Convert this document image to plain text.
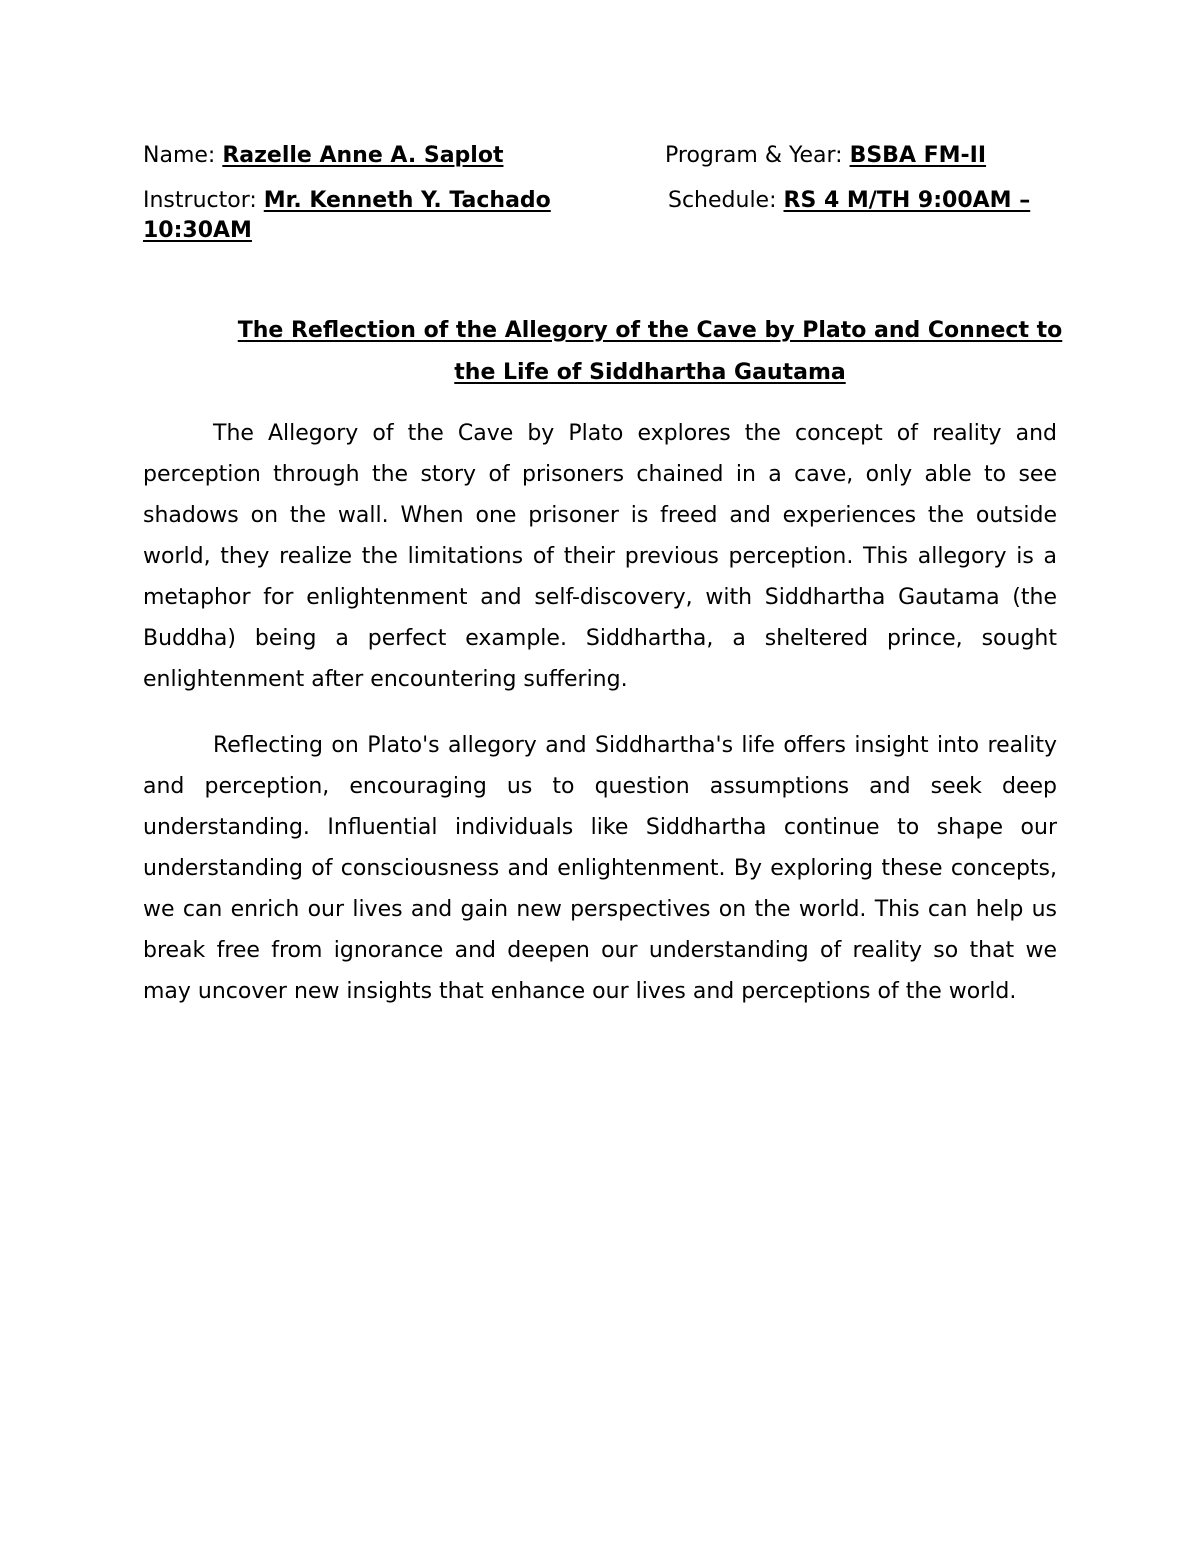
Name: Razelle Anne A. Saplot	Program & Year: BSBA FM-II
Instructor: Mr. Kenneth Y. Tachado	Schedule: RS 4 M/TH 9:00AM –
10:30AM
The Reflection of the Allegory of the Cave by Plato and Connect to
the Life of Siddhartha Gautama

The Allegory of the Cave by Plato explores the concept of reality and perception through the story of prisoners chained in a cave, only able to see shadows on the wall. When one prisoner is freed and experiences the outside world, they realize the limitations of their previous perception. This allegory is a metaphor for enlightenment and self-discovery, with Siddhartha Gautama (the Buddha) being a perfect example. Siddhartha, a sheltered prince, sought enlightenment after encountering suffering.

Reflecting on Plato's allegory and Siddhartha's life offers insight into reality and perception, encouraging us to question assumptions and seek deep understanding. Influential individuals like Siddhartha continue to shape our understanding of consciousness and enlightenment. By exploring these concepts, we can enrich our lives and gain new perspectives on the world. This can help us break free from ignorance and deepen our understanding of reality so that we may uncover new insights that enhance our lives and perceptions of the world.
